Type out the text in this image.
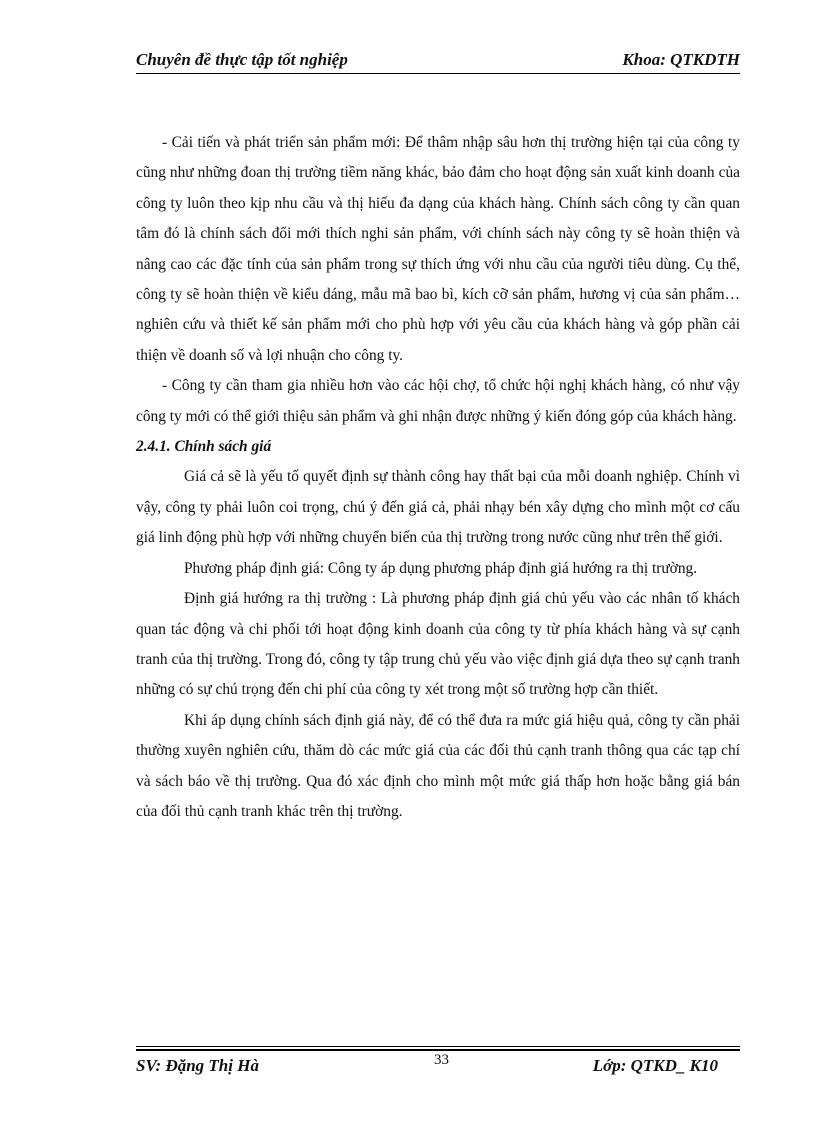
Chuyên đề thực tập tốt nghiệp	Khoa: QTKDTH

- Cải tiến và phát triển sản phẩm mới: Để thâm nhập sâu hơn thị trường hiện tại của công ty cũng như những đoan thị trường tiềm năng khác, bảo đảm cho hoạt động sản xuất kinh doanh của công ty luôn theo kịp nhu cầu và thị hiếu đa dạng của khách hàng. Chính sách công ty cần quan tâm đó là chính sách đổi mới thích nghi sản phẩm, với chính sách này công ty sẽ hoàn thiện và nâng cao các đặc tính của sản phẩm trong sự thích ứng với nhu cầu của người tiêu dùng. Cụ thể, công ty sẽ hoàn thiện về kiểu dáng, mẫu mã bao bì, kích cỡ sản phẩm, hương vị của sản phẩm… nghiên cứu và thiết kế sản phẩm mới cho phù hợp với yêu cầu của khách hàng và góp phần cải thiện về doanh số và lợi nhuận cho công ty.

- Công ty cần tham gia nhiều hơn vào các hội chợ, tổ chức hội nghị khách hàng, có như vậy công ty mới có thể giới thiệu sản phẩm và ghi nhận được những ý kiến đóng góp của khách hàng.

2.4.1. Chính sách giá

Giá cả sẽ là yếu tố quyết định sự thành công hay thất bại của mỗi doanh nghiệp. Chính vì vậy, công ty phải luôn coi trọng, chú ý đến giá cả, phải nhạy bén xây dựng cho mình một cơ cấu giá linh động phù hợp với những chuyển biến của thị trường trong nước cũng như trên thế giới.

Phương pháp định giá: Công ty áp dụng phương pháp định giá hướng ra thị trường.

Định giá hướng ra thị trường : Là phương pháp định giá chủ yếu vào các nhân tố khách quan tác động và chi phối tới hoạt động kinh doanh của công ty từ phía khách hàng và sự cạnh tranh của thị trường. Trong đó, công ty tập trung chủ yếu vào việc định giá dựa theo sự cạnh tranh những có sự chú trọng đến chi phí của công ty xét trong một số trường hợp cần thiết.

Khi áp dụng chính sách định giá này, để có thể đưa ra mức giá hiệu quả, công ty cần phải thường xuyên nghiên cứu, thăm dò các mức giá của các đối thủ cạnh tranh thông qua các tạp chí và sách báo về thị trường. Qua đó xác định cho mình một mức giá thấp hơn hoặc bằng giá bán của đối thủ cạnh tranh khác trên thị trường.

SV: Đặng Thị Hà	33	Lớp: QTKD_ K10
